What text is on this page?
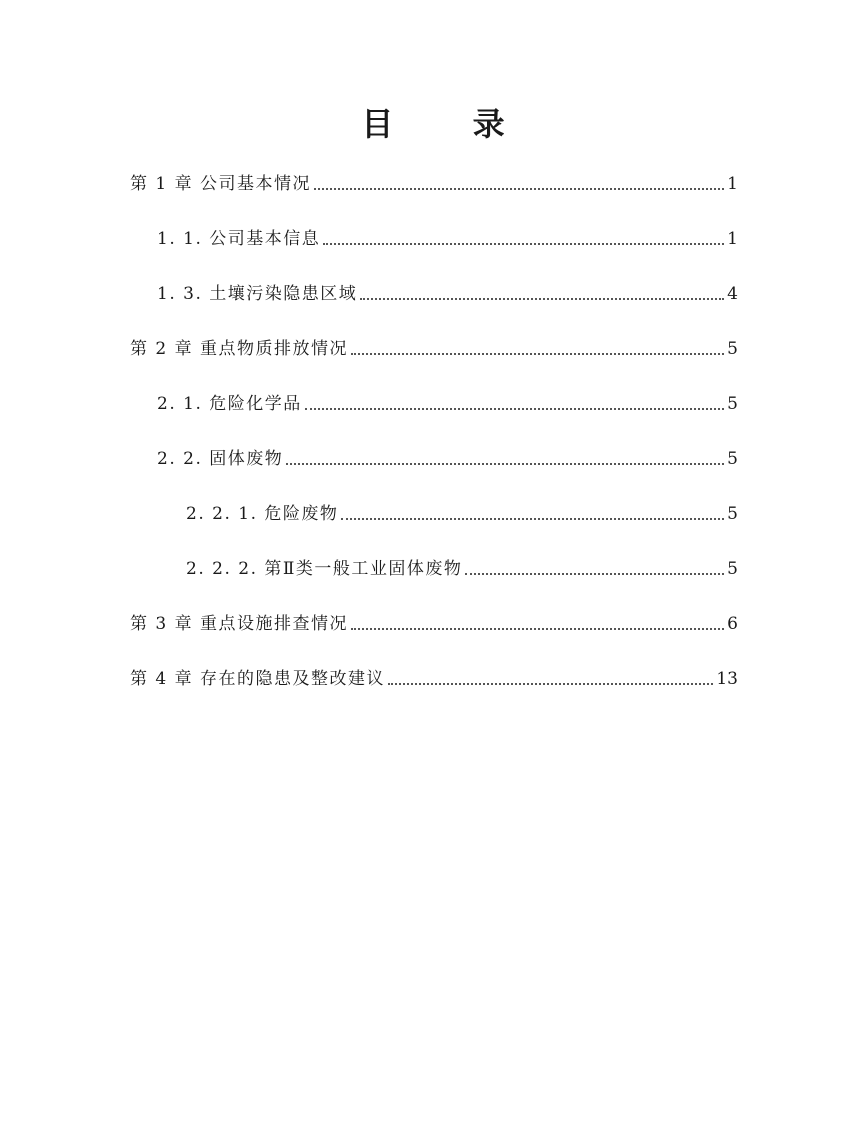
目 录
第 1 章 公司基本情况	1
1. 1. 公司基本信息	1
1. 3. 土壤污染隐患区域	4
第 2 章 重点物质排放情况	5
2. 1. 危险化学品	5
2. 2. 固体废物	5
2. 2. 1. 危险废物	5
2. 2. 2. 第Ⅱ类一般工业固体废物	5
第 3 章 重点设施排查情况	6
第 4 章 存在的隐患及整改建议	13
